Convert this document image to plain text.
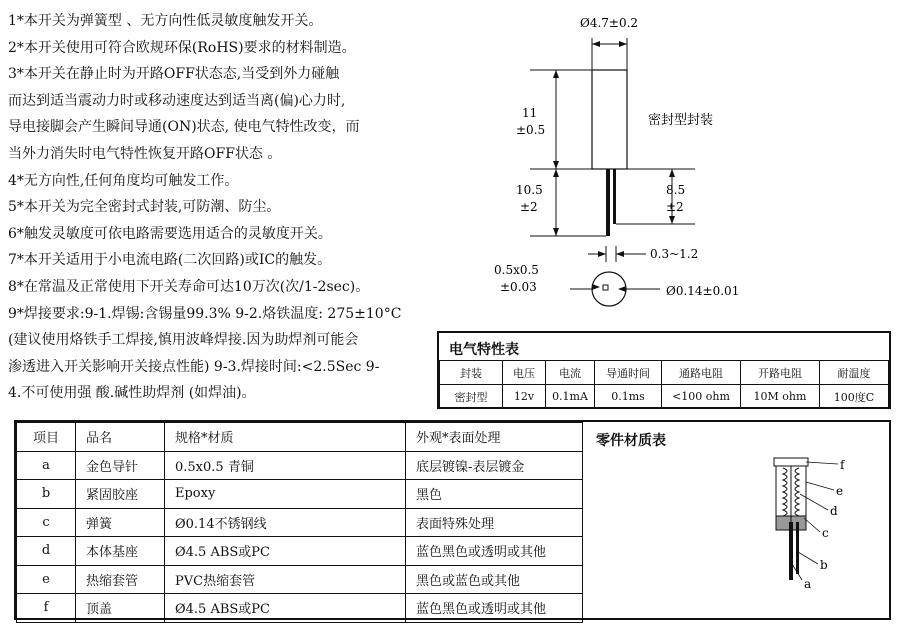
1*本开关为弹簧型 、无方向性低灵敏度触发开关。
2*本开关使用可符合欧规环保(RoHS)要求的材料制造。
3*本开关在静止时为开路OFF状态态,当受到外力碰触
而达到适当震动力时或移动速度达到适当离(偏)心力时,
导电接脚会产生瞬间导通(ON)状态, 使电气特性改变，而
当外力消失时电气特性恢复开路OFF状态 。
4*无方向性,任何角度均可触发工作。
5*本开关为完全密封式封装,可防潮、防尘。
6*触发灵敏度可依电路需要选用适合的灵敏度开关。
7*本开关适用于小电流电路(二次回路)或IC的触发。
8*在常温及正常使用下开关寿命可达10万次(次/1-2sec)。
9*焊接要求:9-1.焊锡:含锡量99.3% 9-2.烙铁温度: 275±10°C
(建议使用烙铁手工焊接,慎用波峰焊接.因为助焊剂可能会
渗透进入开关影响开关接点性能) 9-3.焊接时间:<2.5Sec 9-
4.不可使用强 酸.碱性助焊剂 (如焊油)。
Ø4.7±0.2
11
±0.5
10.5
±2
8.5
±2
密封型封装
0.3~1.2
0.5x0.5
±0.03	Ø0.14±0.01
电气特性表
封装	电压	电流	导通时间	通路电阻	开路电阻	耐温度
密封型	12v	0.1mA	0.1ms	<100 ohm	10M ohm	100度C
项目	品名	规格*材质	外观*表面处理
a	金色导针	0.5x0.5 青铜	底层镀镍-表层镀金
b	紧固胶座	Epoxy	黑色
c	弹簧	Ø0.14不锈钢线	表面特殊处理
d	本体基座	Ø4.5 ABS或PC	蓝色黑色或透明或其他
e	热缩套管	PVC热缩套管	黑色或蓝色或其他
f	顶盖	Ø4.5 ABS或PC	蓝色黑色或透明或其他
零件材质表
f
e
d
c
b
a
